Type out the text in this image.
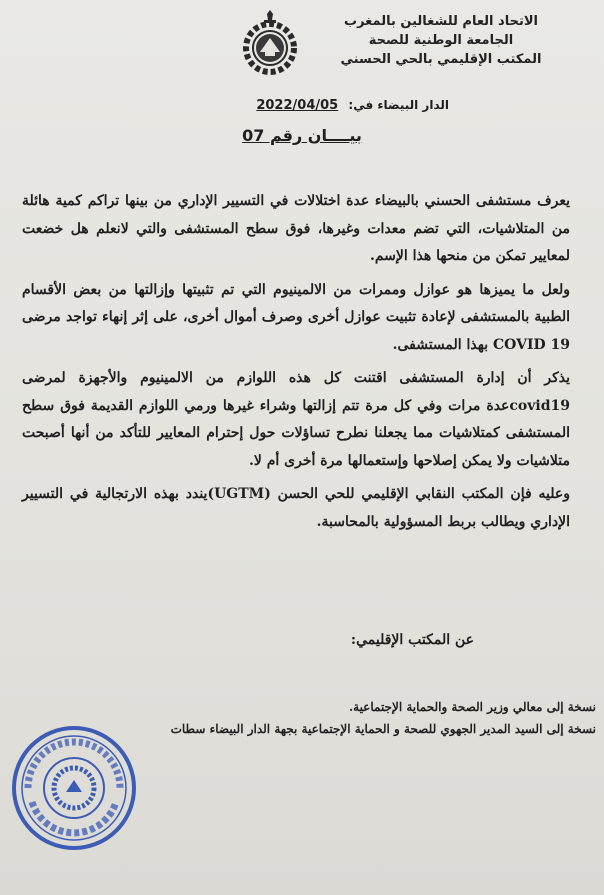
الاتحاد العام للشغالين بالمغرب
الجامعة الوطنية للصحة
المكتب الإقليمي بالحي الحسني
الدار البيضاء في: 2022/04/05
بيــــان رقم 07

يعرف مستشفى الحسني بالبيضاء عدة اختلالات في التسيير الإداري من بينها تراكم كمية هائلة من المتلاشيات، التي تضم معدات وغيرها، فوق سطح المستشفى والتي لانعلم هل خضعت لمعايير تمكن من منحها هذا الإسم.

ولعل ما يميزها هو عوازل وممرات من الالمينيوم التي تم تثبيتها وإزالتها من بعض الأقسام الطبية بالمستشفى لإعادة تثبيت عوازل أخرى وصرف أموال أخرى، على إثر إنهاء تواجد مرضى COVID 19 بهذا المستشفى.

يذكر أن إدارة المستشفى اقتنت كل هذه اللوازم من الالمينيوم والأجهزة لمرضى covid19عدة مرات وفي كل مرة تتم إزالتها وشراء غيرها ورمي اللوازم القديمة فوق سطح المستشفى كمتلاشيات مما يجعلنا نطرح تساؤلات حول إحترام المعايير للتأكد من أنها أصبحت متلاشيات ولا يمكن إصلاحها وإستعمالها مرة أخرى أم لا.

وعليه فإن المكتب النقابي الإقليمي للحي الحسن (UGTM)يندد بهذه الارتجالية في التسيير الإداري ويطالب بربط المسؤولية بالمحاسبة.

عن المكتب الإقليمي:
نسخة إلى معالي وزير الصحة والحماية الإجتماعية.
نسخة إلى السيد المدير الجهوي للصحة و الحماية الإجتماعية بجهة الدار البيضاء سطات
